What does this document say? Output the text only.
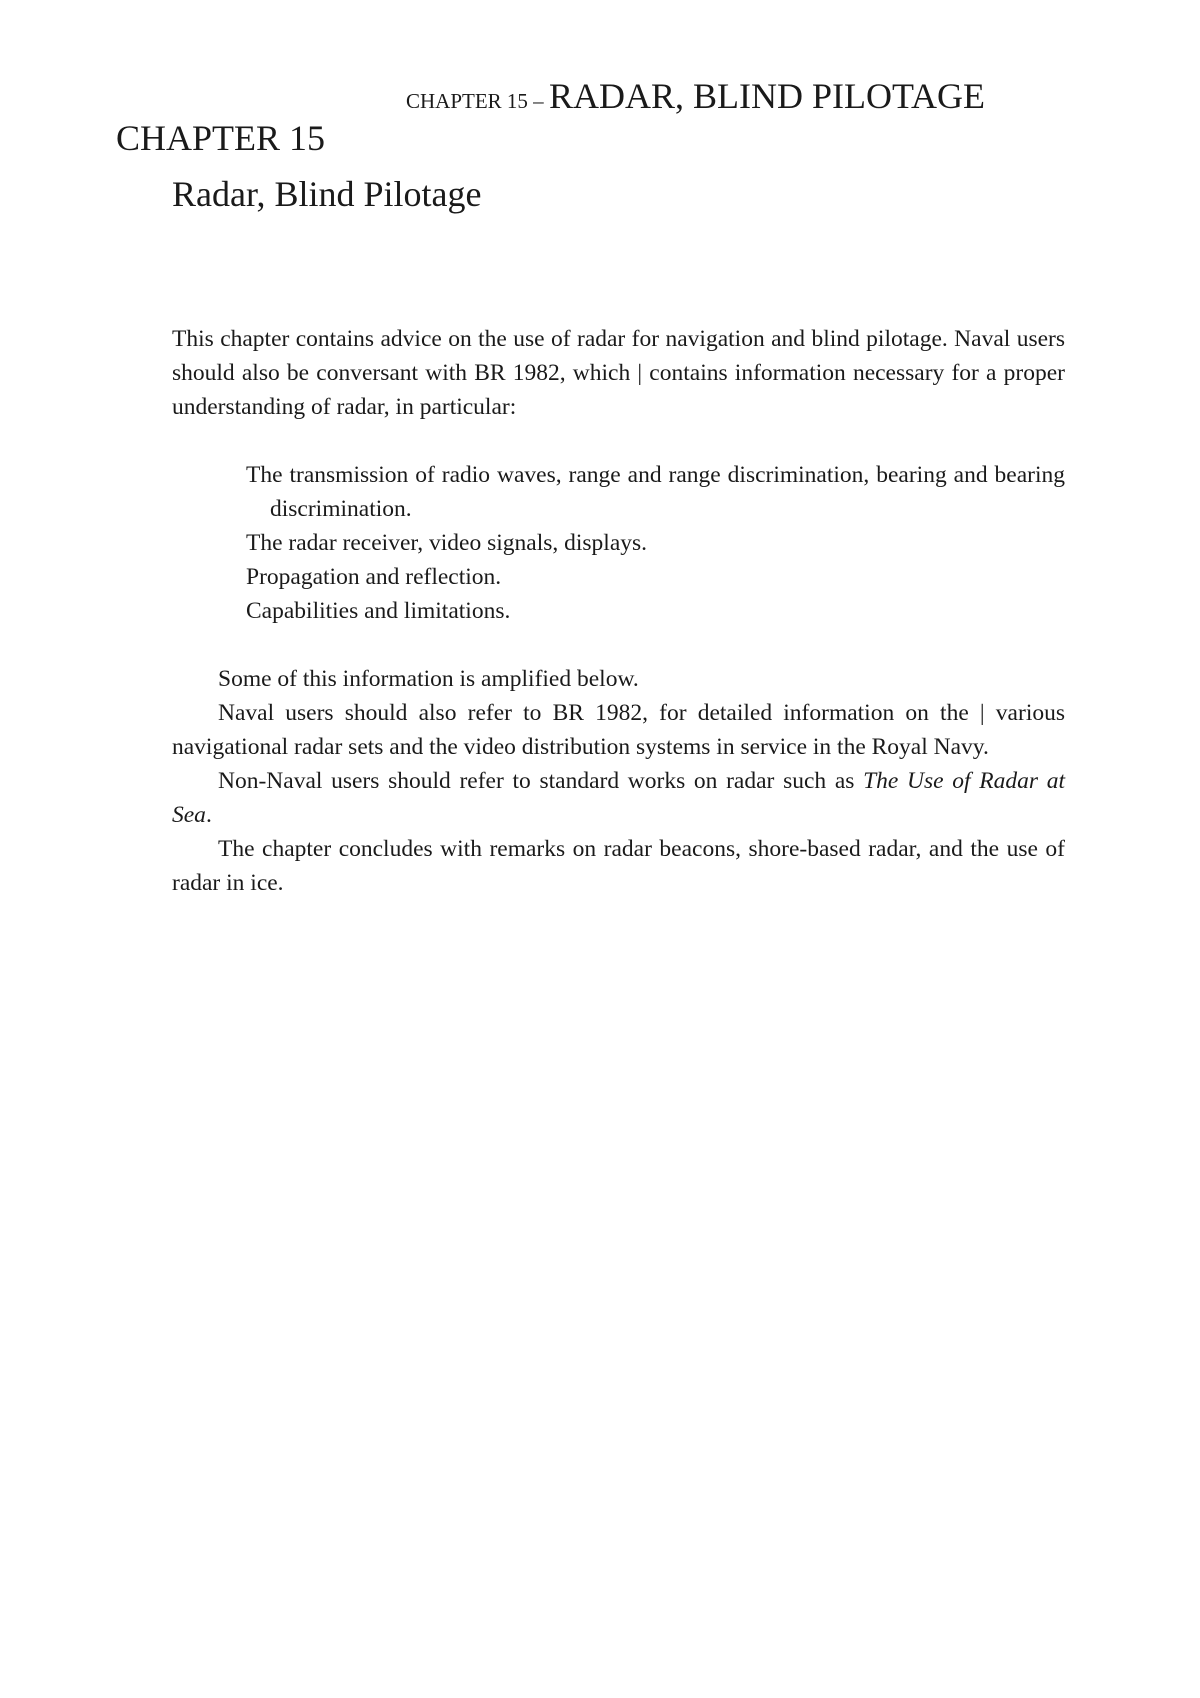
CHAPTER 15 – RADAR, BLIND PILOTAGE
CHAPTER 15
Radar, Blind Pilotage

This chapter contains advice on the use of radar for navigation and blind pilotage. Naval users should also be conversant with BR 1982, which | contains information necessary for a proper understanding of radar, in particular:

The transmission of radio waves, range and range discrimination, bearing and bearing discrimination.
The radar receiver, video signals, displays.
Propagation and reflection.
Capabilities and limitations.

Some of this information is amplified below.

Naval users should also refer to BR 1982, for detailed information on the | various navigational radar sets and the video distribution systems in service in the Royal Navy.

Non-Naval users should refer to standard works on radar such as The Use of Radar at Sea.

The chapter concludes with remarks on radar beacons, shore-based radar, and the use of radar in ice.
